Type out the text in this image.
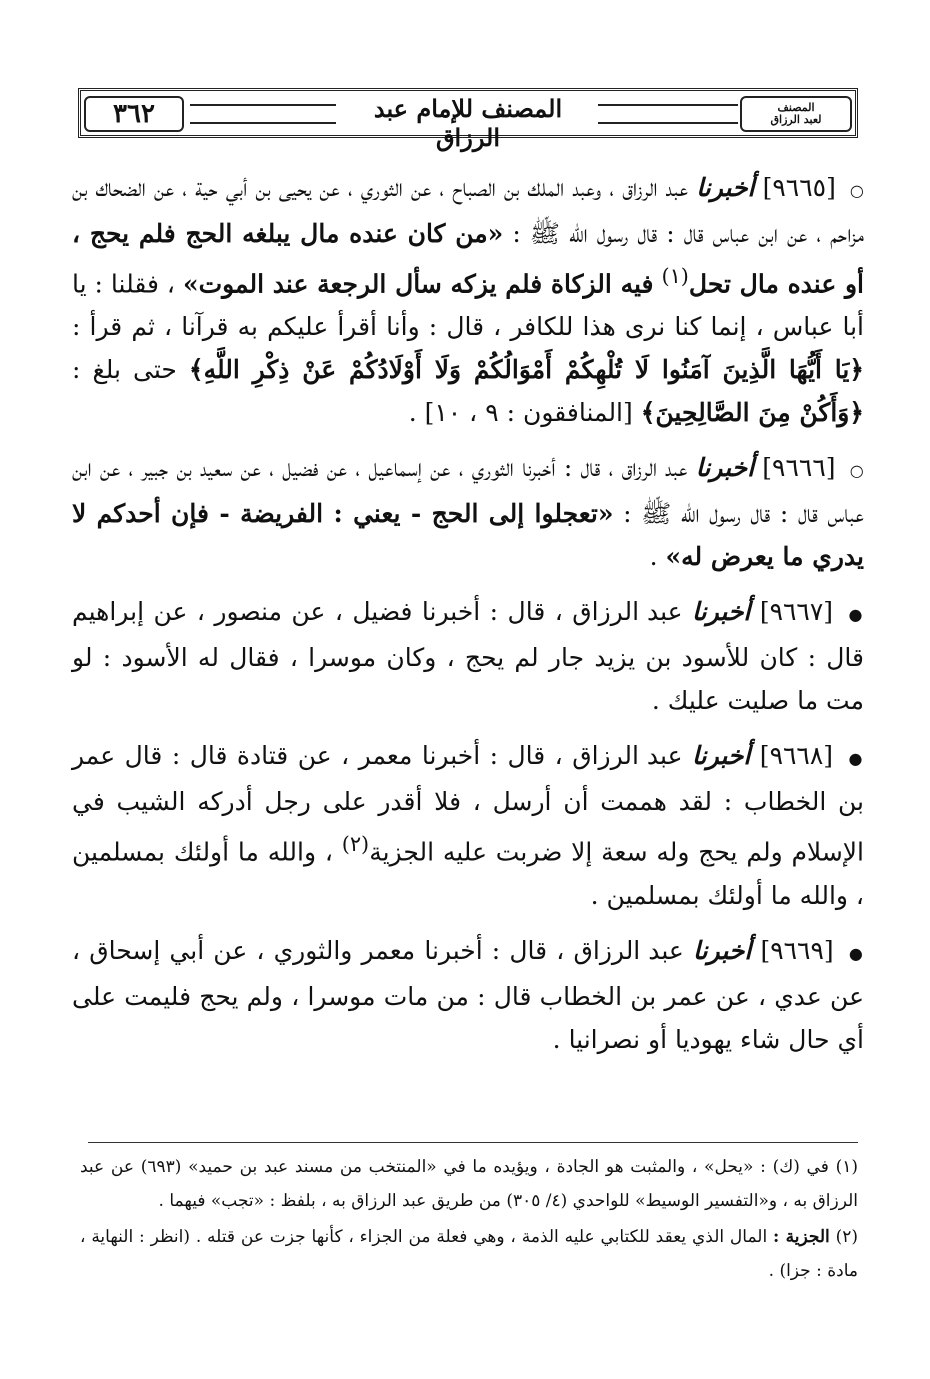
٣٦٢	المصنف للإمام عبد الرزاق
المصنف
لعبد الرزاق

○ [٩٦٦٥] أخبرنا عبد الرزاق ، وعبد الملك بن الصباح ، عن الثوري ، عن يحيى بن أبي حية ، عن الضحاك بن مزاحم ، عن ابن عباس قال : قال رسول الله ﷺ : «من كان عنده مال يبلغه الحج فلم يحج ، أو عنده مال تحل$^{(١)}$ فيه الزكاة فلم يزكه سأل الرجعة عند الموت» ، فقلنا : يا أبا عباس ، إنما كنا نرى هذا للكافر ، قال : وأنا أقرأ عليكم به قرآنا ، ثم قرأ : ﴿يَا أَيُّهَا الَّذِينَ آمَنُوا لَا تُلْهِكُمْ أَمْوَالُكُمْ وَلَا أَوْلَادُكُمْ عَنْ ذِكْرِ اللَّهِ﴾ حتى بلغ : ﴿وَأَكُنْ مِنَ الصَّالِحِينَ﴾ [المنافقون : ٩ ، ١٠] .

○ [٩٦٦٦] أخبرنا عبد الرزاق ، قال : أخبرنا الثوري ، عن إسماعيل ، عن فضيل ، عن سعيد بن جبير ، عن ابن عباس قال : قال رسول الله ﷺ : «تعجلوا إلى الحج - يعني : الفريضة - فإن أحدكم لا يدري ما يعرض له» .

● [٩٦٦٧] أخبرنا عبد الرزاق ، قال : أخبرنا فضيل ، عن منصور ، عن إبراهيم قال : كان للأسود بن يزيد جار لم يحج ، وكان موسرا ، فقال له الأسود : لو مت ما صليت عليك .

● [٩٦٦٨] أخبرنا عبد الرزاق ، قال : أخبرنا معمر ، عن قتادة قال : قال عمر بن الخطاب : لقد هممت أن أرسل ، فلا أقدر على رجل أدركه الشيب في الإسلام ولم يحج وله سعة إلا ضربت عليه الجزية$^{(٢)}$ ، والله ما أولئك بمسلمين ، والله ما أولئك بمسلمين .

● [٩٦٦٩] أخبرنا عبد الرزاق ، قال : أخبرنا معمر والثوري ، عن أبي إسحاق ، عن عدي ، عن عمر بن الخطاب قال : من مات موسرا ، ولم يحج فليمت على أي حال شاء يهوديا أو نصرانيا .

(١) في (ك) : «يحل» ، والمثبت هو الجادة ، ويؤيده ما في «المنتخب من مسند عبد بن حميد» (٦٩٣) عن عبد الرزاق به ، و«التفسير الوسيط» للواحدي (٤/ ٣٠٥) من طريق عبد الرزاق به ، بلفظ : «تجب» فيهما .

(٢) الجزية : المال الذي يعقد للكتابي عليه الذمة ، وهي فعلة من الجزاء ، كأنها جزت عن قتله . (انظر : النهاية ، مادة : جزا) .
